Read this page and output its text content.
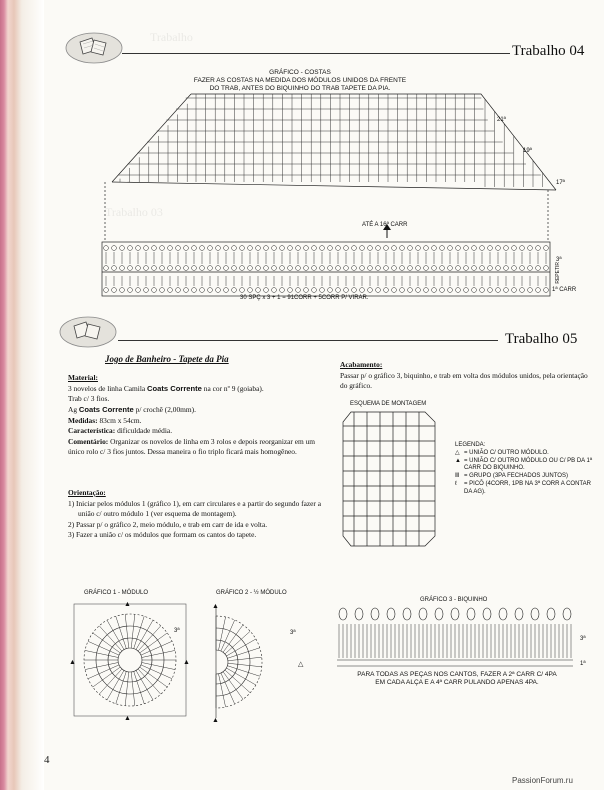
Trabalho
Trabalho 03
Trabalho 04
GRÁFICO - COSTAS
FAZER AS COSTAS NA MEDIDA DOS MÓDULOS UNIDOS DA FRENTE
DO TRAB, ANTES DO BIQUINHO DO TRAB TAPETE DA PIA.
21ª
19ª
17ª
ATÉ A 16ª CARR
3ª
1ª CARR
REPETIR
30 SPÇ x 3 + 1 = 91CORR + 5CORR P/ VIRAR.
Trabalho 05
Jogo de Banheiro - Tapete da Pia
Material:
3 novelos de linha Camila Coats Corrente na cor nº 9 (goiaba).
Trab c/ 3 fios.
Ag Coats Corrente p/ crochê (2,00mm).
Medidas: 83cm x 54cm.
Característica: dificuldade média.
Comentário: Organizar os novelos de linha em 3 rolos e depois reorganizar em um único rolo c/ 3 fios juntos. Dessa maneira o fio triplo ficará mais homogêneo.
Orientação:
1) Iniciar pelos módulos 1 (gráfico 1), em carr circulares e a partir do segundo fazer a união c/ outro módulo 1 (ver esquema de montagem).
2) Passar p/ o gráfico 2, meio módulo, e trab em carr de ida e volta.
3) Fazer a união c/ os módulos que formam os cantos do tapete.
Acabamento:
Passar p/ o gráfico 3, biquinho, e trab em volta dos módulos unidos, pela orientação do gráfico.
ESQUEMA DE MONTAGEM
LEGENDA:
△ = UNIÃO C/ OUTRO MÓDULO.
▲ = UNIÃO C/ OUTRO MÓDULO OU C/ PB DA 1ª CARR DO BIQUINHO.
Ⅲ = GRUPO (3PA FECHADOS JUNTOS)
ℓ = PICÔ (4CORR, 1PB NA 3ª CORR A CONTAR DA AG).
GRÁFICO 1 - MÓDULO
▲
▲
▲	▲
3ª
GRÁFICO 2 - ½ MÓDULO
▲
▲
△
3ª
GRÁFICO 3 - BIQUINHO
3ª
1ª
PARA TODAS AS PEÇAS NOS CANTOS, FAZER A 2ª CARR C/ 4PA
EM CADA ALÇA E A 4ª CARR PULANDO APENAS 4PA.
4
PassionForum.ru
